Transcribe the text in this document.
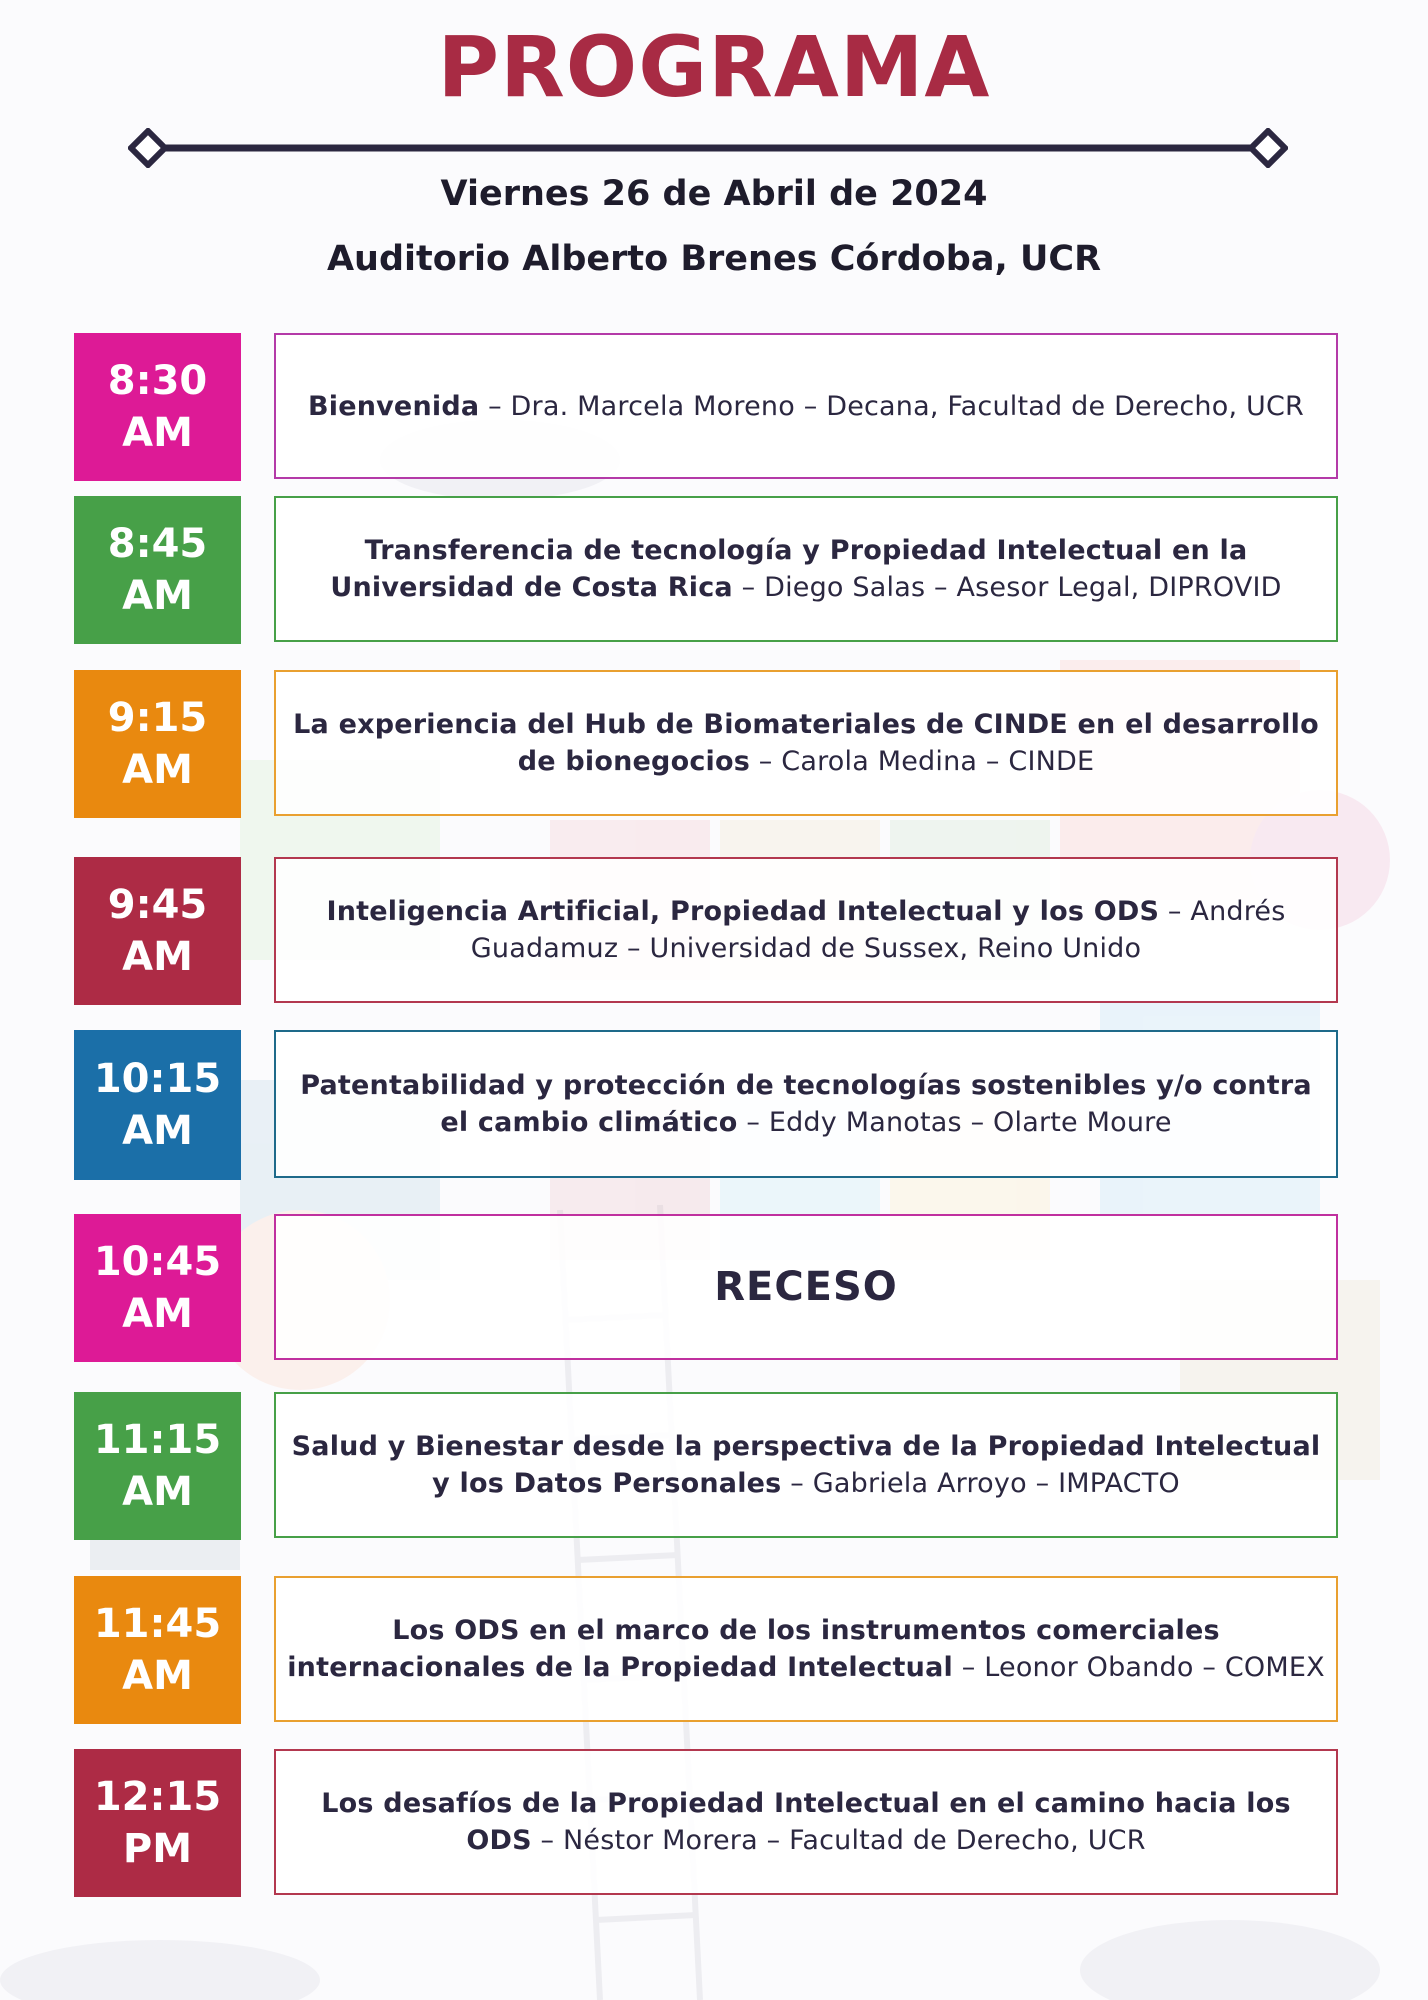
PROGRAMA
Viernes 26 de Abril de 2024
Auditorio Alberto Brenes Córdoba, UCR
8:30
AM
Bienvenida – Dra. Marcela Moreno – Decana, Facultad de Derecho, UCR
8:45
AM
Transferencia de tecnología y Propiedad Intelectual en la Universidad de Costa Rica – Diego Salas – Asesor Legal, DIPROVID
9:15
AM
La experiencia del Hub de Biomateriales de CINDE en el desarrollo de bionegocios – Carola Medina – CINDE
9:45
AM
Inteligencia Artificial, Propiedad Intelectual y los ODS – Andrés Guadamuz – Universidad de Sussex, Reino Unido
10:15
AM
Patentabilidad y protección de tecnologías sostenibles y/o contra el cambio climático – Eddy Manotas – Olarte Moure
10:45
AM
RECESO
11:15
AM
Salud y Bienestar desde la perspectiva de la Propiedad Intelectual y los Datos Personales – Gabriela Arroyo – IMPACTO
11:45
AM
Los ODS en el marco de los instrumentos comerciales internacionales de la Propiedad Intelectual – Leonor Obando – COMEX
12:15
PM
Los desafíos de la Propiedad Intelectual en el camino hacia los ODS – Néstor Morera – Facultad de Derecho, UCR
